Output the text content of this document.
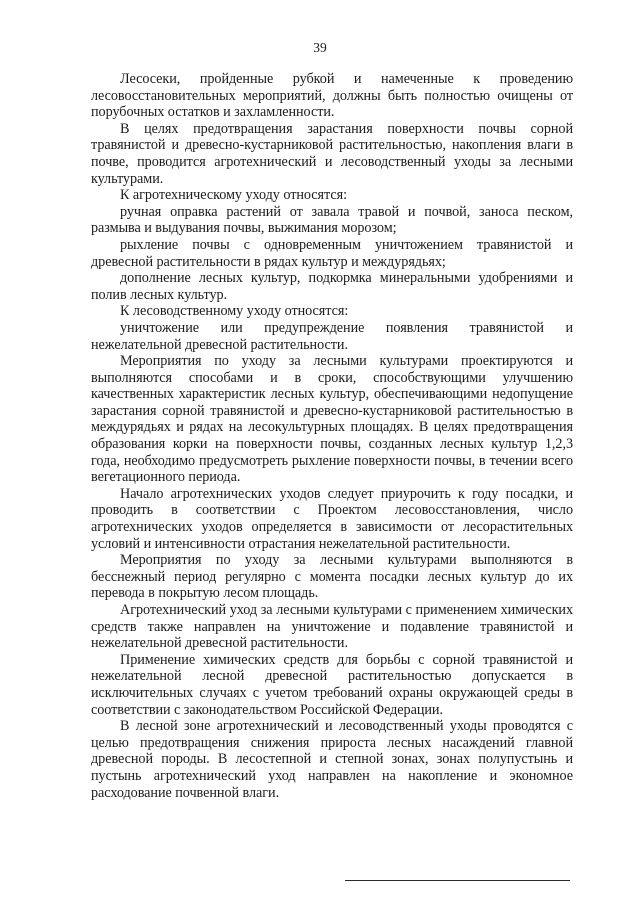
39

Лесосеки, пройденные рубкой и намеченные к проведению лесовосстановительных мероприятий, должны быть полностью очищены от порубочных остатков и захламленности.

В целях предотвращения зарастания поверхности почвы сорной травянистой и древесно-кустарниковой растительностью, накопления влаги в почве, проводится агротехнический и лесоводственный уходы за лесными культурами.

К агротехническому уходу относятся:

ручная оправка растений от завала травой и почвой, заноса песком, размыва и выдувания почвы, выжимания морозом;

рыхление почвы с одновременным уничтожением травянистой и древесной растительности в рядах культур и междурядьях;

дополнение лесных культур, подкормка минеральными удобрениями и полив лесных культур.

К лесоводственному уходу относятся:

уничтожение или предупреждение появления травянистой и нежелательной древесной растительности.

Мероприятия по уходу за лесными культурами проектируются и выполняются способами и в сроки, способствующими улучшению качественных характеристик лесных культур, обеспечивающими недопущение зарастания сорной травянистой и древесно-кустарниковой растительностью в междурядьях и рядах на лесокультурных площадях. В целях предотвращения образования корки на поверхности почвы, созданных лесных культур 1,2,3 года, необходимо предусмотреть рыхление поверхности почвы, в течении всего вегетационного периода.

Начало агротехнических уходов следует приурочить к году посадки, и проводить в соответствии с Проектом лесовосстановления, число агротехнических уходов определяется в зависимости от лесорастительных условий и интенсивности отрастания нежелательной растительности.

Мероприятия по уходу за лесными культурами выполняются в бесснежный период регулярно с момента посадки лесных культур до их перевода в покрытую лесом площадь.

Агротехнический уход за лесными культурами с применением химических средств также направлен на уничтожение и подавление травянистой и нежелательной древесной растительности.

Применение химических средств для борьбы с сорной травянистой и нежелательной лесной древесной растительностью допускается в исключительных случаях с учетом требований охраны окружающей среды в соответствии с законодательством Российской Федерации.

В лесной зоне агротехнический и лесоводственный уходы проводятся с целью предотвращения снижения прироста лесных насаждений главной древесной породы. В лесостепной и степной зонах, зонах полупустынь и пустынь агротехнический уход направлен на накопление и экономное расходование почвенной влаги.
